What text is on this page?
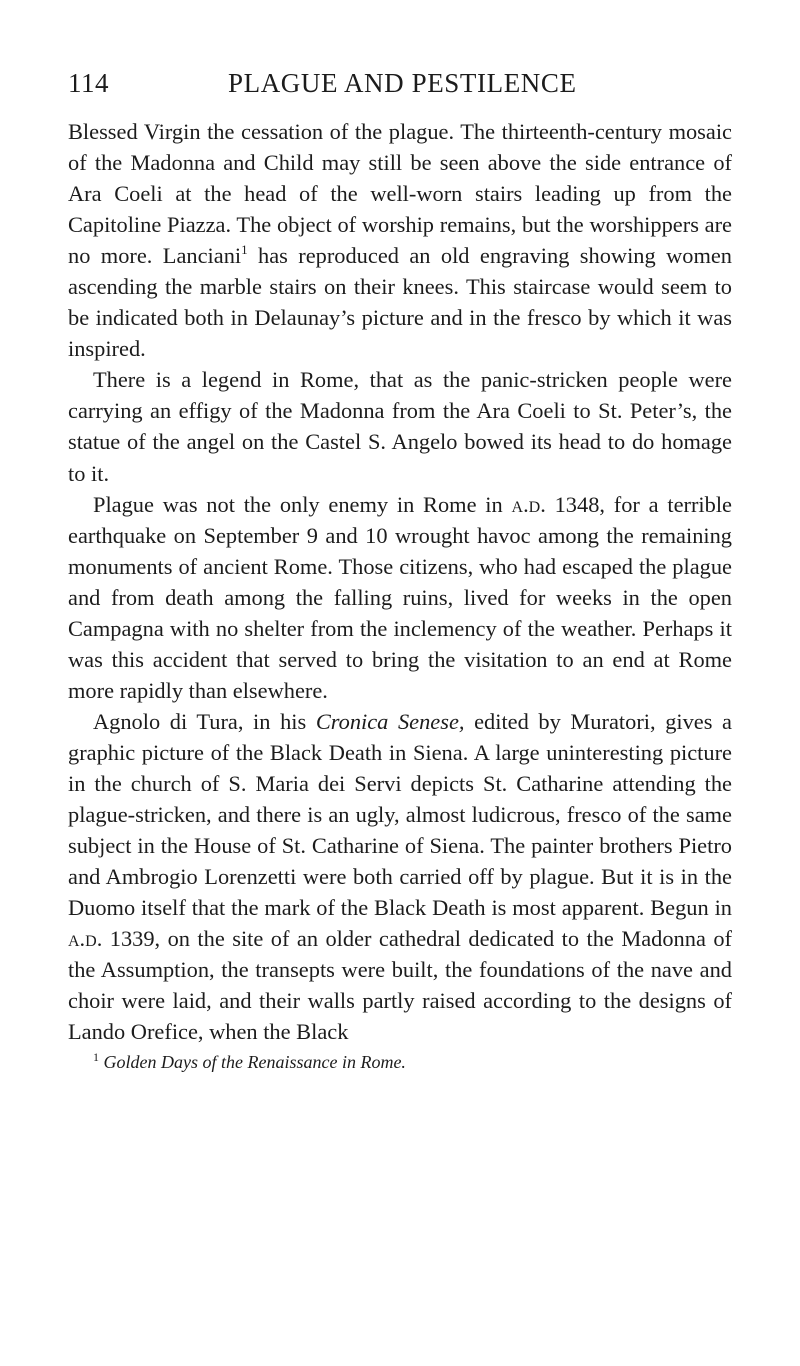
114	PLAGUE AND PESTILENCE

Blessed Virgin the cessation of the plague. The thirteenth-century mosaic of the Madonna and Child may still be seen above the side entrance of Ara Coeli at the head of the well-worn stairs leading up from the Capitoline Piazza. The object of worship remains, but the worshippers are no more. Lanciani$^1$ has reproduced an old engraving showing women ascending the marble stairs on their knees. This staircase would seem to be indicated both in Delaunay’s picture and in the fresco by which it was inspired.

There is a legend in Rome, that as the panic-stricken people were carrying an effigy of the Madonna from the Ara Coeli to St. Peter’s, the statue of the angel on the Castel S. Angelo bowed its head to do homage to it.

Plague was not the only enemy in Rome in a.d. 1348, for a terrible earthquake on September 9 and 10 wrought havoc among the remaining monuments of ancient Rome. Those citizens, who had escaped the plague and from death among the falling ruins, lived for weeks in the open Campagna with no shelter from the inclemency of the weather. Perhaps it was this accident that served to bring the visitation to an end at Rome more rapidly than elsewhere.

Agnolo di Tura, in his Cronica Senese, edited by Muratori, gives a graphic picture of the Black Death in Siena. A large uninteresting picture in the church of S. Maria dei Servi depicts St. Catharine attending the plague-stricken, and there is an ugly, almost ludicrous, fresco of the same subject in the House of St. Catharine of Siena. The painter brothers Pietro and Ambrogio Lorenzetti were both carried off by plague. But it is in the Duomo itself that the mark of the Black Death is most apparent. Begun in a.d. 1339, on the site of an older cathedral dedicated to the Madonna of the Assumption, the transepts were built, the foundations of the nave and choir were laid, and their walls partly raised according to the designs of Lando Orefice, when the Black

$^1$ Golden Days of the Renaissance in Rome.
